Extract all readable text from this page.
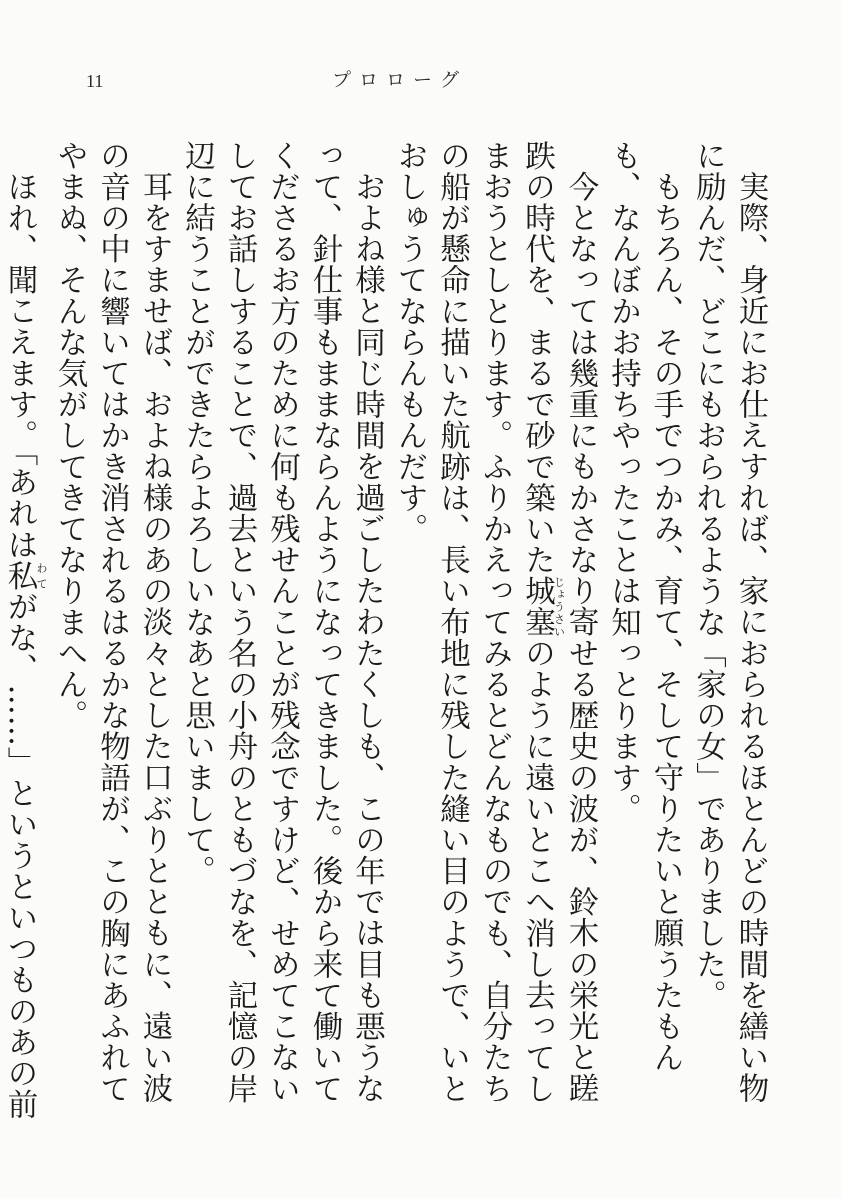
11	プロローグ

実際、身近にお仕えすれば、家におられるほとんどの時間を繕い物に励んだ、どこにもおられるような「家の女」でありました。

もちろん、その手でつかみ、育て、そして守りたいと願うたもんも、なんぼかお持ちやったことは知っとります。

今となっては幾重にもかさなり寄せる歴史の波が、鈴木の栄光と蹉跌の時代を、まるで砂で築いた城塞じょうさいのように遠いとこへ消し去ってしまおうとしとります。ふりかえってみるとどんなものでも、自分たちの船が懸命に描いた航跡は、長い布地に残した縫い目のようで、いとおしゅうてならんもんだす。

およね様と同じ時間を過ごしたわたくしも、この年では目も悪うなって、針仕事もままならんようになってきました。後から来て働いてくださるお方のために何も残せんことが残念ですけど、せめてこないしてお話しすることで、過去という名の小舟のともづなを、記憶の岸辺に結うことができたらよろしいなあと思いまして。

耳をすませば、およね様のあの淡々とした口ぶりとともに、遠い波の音の中に響いてはかき消されるはるかな物語が、この胸にあふれてやまぬ、そんな気がしてきてなりまへん。

ほれ、聞こえます。「あれは私わてがな、……」というといつものあの前
